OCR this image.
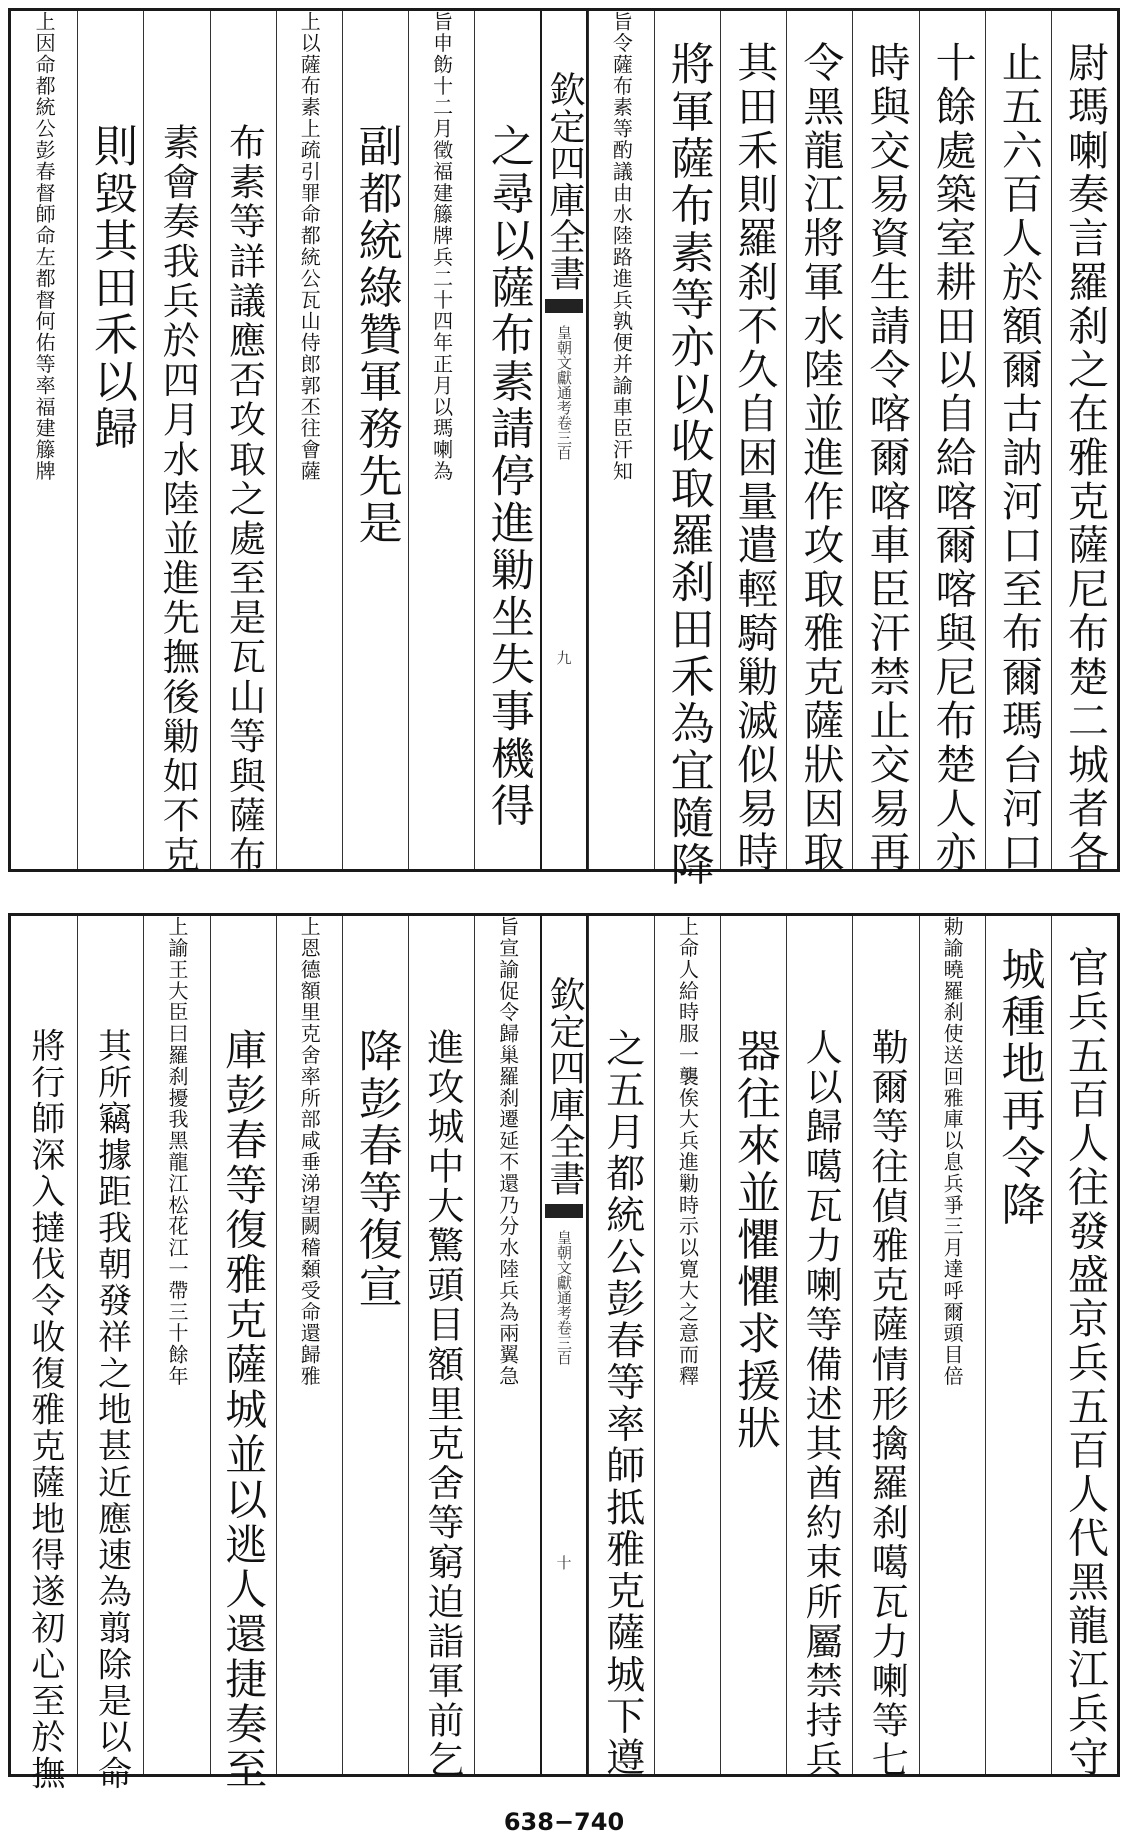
尉瑪喇奏言羅刹之在雅克薩尼布楚二城者各
止五六百人於額爾古訥河口至布爾瑪台河口
十餘處築室耕田以自給喀爾喀與尼布楚人亦
時與交易資生請令喀爾喀車臣汗禁止交易再
令黑龍江將軍水陸並進作攻取雅克薩狀因取
其田禾則羅刹不久自困量遣輕騎勦滅似易時
將軍薩布素等亦以收取羅刹田禾為宜隨降
旨令薩布素等酌議由水陸路進兵孰便并諭車臣汗知
欽定四庫全書
皇朝文獻通考卷三百
九
之尋以薩布素請停進勦坐失事機得
旨申飭十二月徵福建籐牌兵二十四年正月以瑪喇為
副都統綠贊軍務先是
上以薩布素上疏引罪命都統公瓦山侍郎郭丕往會薩
布素等詳議應否攻取之處至是瓦山等與薩布
素會奏我兵於四月水陸並進先撫後勦如不克
則毀其田禾以歸
上因命都統公彭春督師命左都督何佑等率福建籐牌
官兵五百人往發盛京兵五百人代黑龍江兵守
城種地再令降
勅諭曉羅刹使送回雅庫以息兵爭三月達呼爾頭目倍
勒爾等往偵雅克薩情形擒羅刹噶瓦力喇等七
人以歸噶瓦力喇等備述其酋約束所屬禁持兵
器往來並懼懼求援狀
上命人給時服一襲俟大兵進勦時示以寛大之意而釋
之五月都統公彭春等率師抵雅克薩城下遵
欽定四庫全書
皇朝文獻通考卷三百
十
旨宣諭促令歸巢羅刹遷延不還乃分水陸兵為兩翼急
進攻城中大驚頭目額里克舍等窮迫詣軍前乞
降彭春等復宣
上恩德額里克舍率所部咸垂涕望闕稽顙受命還歸雅
庫彭春等復雅克薩城並以逃人還捷奏至
上諭王大臣曰羅刹擾我黑龍江松花江一帶三十餘年
其所竊據距我朝發祥之地甚近應速為翦除是以命
將行師深入撻伐令收復雅克薩地得遂初心至於撫
638−740
